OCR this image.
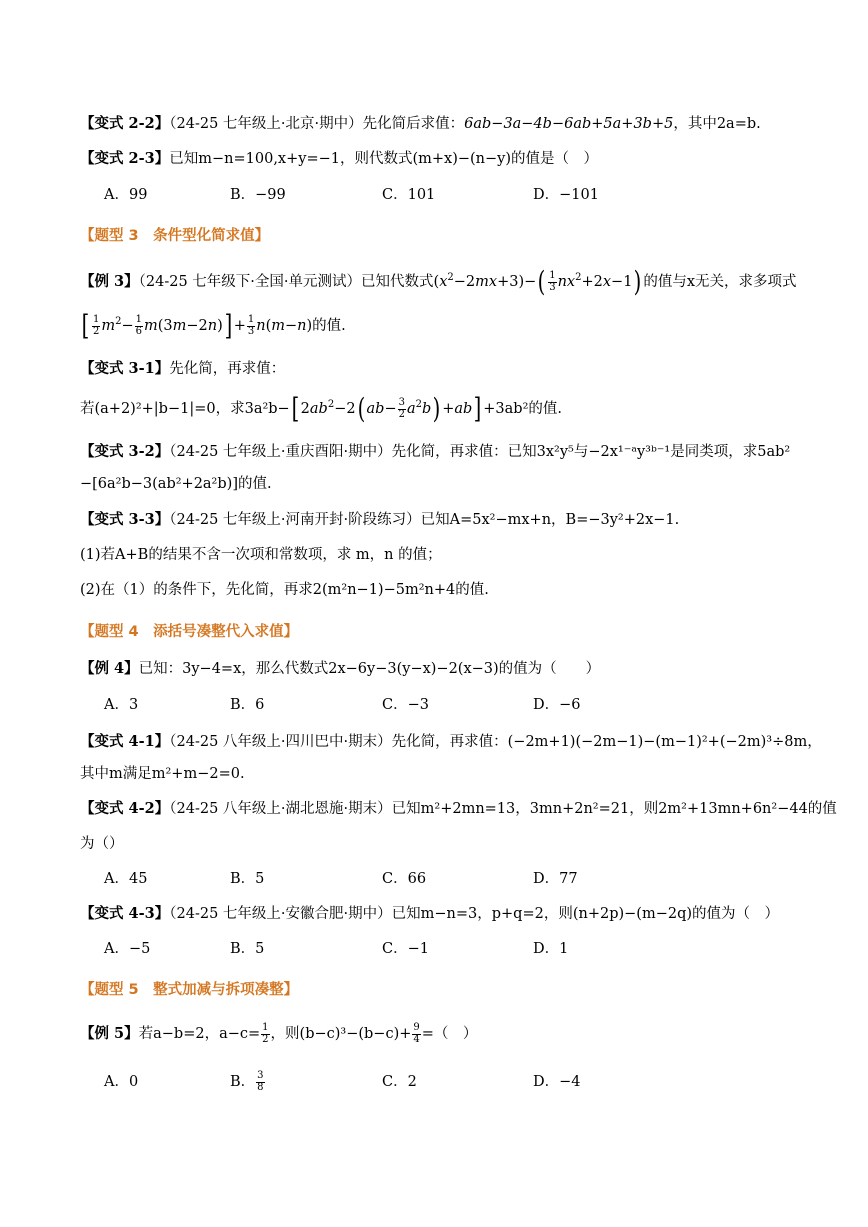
【变式 2-2】（24-25 七年级上·北京·期中）先化简后求值：6ab−3a−4b−6ab+5a+3b+5，其中2a=b.
【变式 2-3】已知m−n=100,x+y=−1，则代数式(m+x)−(n−y)的值是（　）
A．99	B．−99	C．101	D．−101
【题型 3　条件型化简求值】
【例 3】（24-25 七年级下·全国·单元测试）已知代数式$(x^2-2mx+3)-( \frac{1}{3} nx^2+2x-1)$ 的值与x无关，求多项式
[ $\frac{1}{2} m^2- \frac{1}{6} m(3m-2n)] + \frac{1}{3} n(m-n)$的值.
【变式 3-1】先化简，再求值：
若(a+2)²+|b−1|=0，求3a²b−[ $2ab^2-2$( $ab- \frac{3}{2} a^2b) +ab] +3ab^2$的值.
【变式 3-2】（24-25 七年级上·重庆酉阳·期中）先化简，再求值：已知3x²y⁵与−2x¹⁻ᵃy³ᵇ⁻¹是同类项，求5ab²
−[6a²b−3(ab²+2a²b)]的值.
【变式 3-3】（24-25 七年级上·河南开封·阶段练习）已知A=5x²−mx+n，B=−3y²+2x−1.
(1)若A+B的结果不含一次项和常数项，求 m，n 的值；
(2)在（1）的条件下，先化简，再求2(m²n−1)−5m²n+4的值.
【题型 4　添括号凑整代入求值】
【例 4】已知：3y−4=x，那么代数式2x−6y−3(y−x)−2(x−3)的值为（　　）
A．3	B．6	C．−3	D．−6
【变式 4-1】（24-25 八年级上·四川巴中·期末）先化简，再求值：(−2m+1)(−2m−1)−(m−1)²+(−2m)³÷8m，
其中m满足m²+m−2=0.
【变式 4-2】（24-25 八年级上·湖北恩施·期末）已知m²+2mn=13，3mn+2n²=21，则2m²+13mn+6n²−44的值
为（）
A．45	B．5	C．66	D．77
【变式 4-3】（24-25 七年级上·安徽合肥·期中）已知m−n=3，p+q=2，则(n+2p)−(m−2q)的值为（　）
A．−5	B．5	C．−1	D．1
【题型 5　整式加减与拆项凑整】
【例 5】若a−b=2，$a-c= \frac{1}{2}$ ，则$(b-c)^3-(b-c)+ \frac{9}{4}$ =（　）
A．0	B． $\frac{3}{8}$	C．2	D．−4
